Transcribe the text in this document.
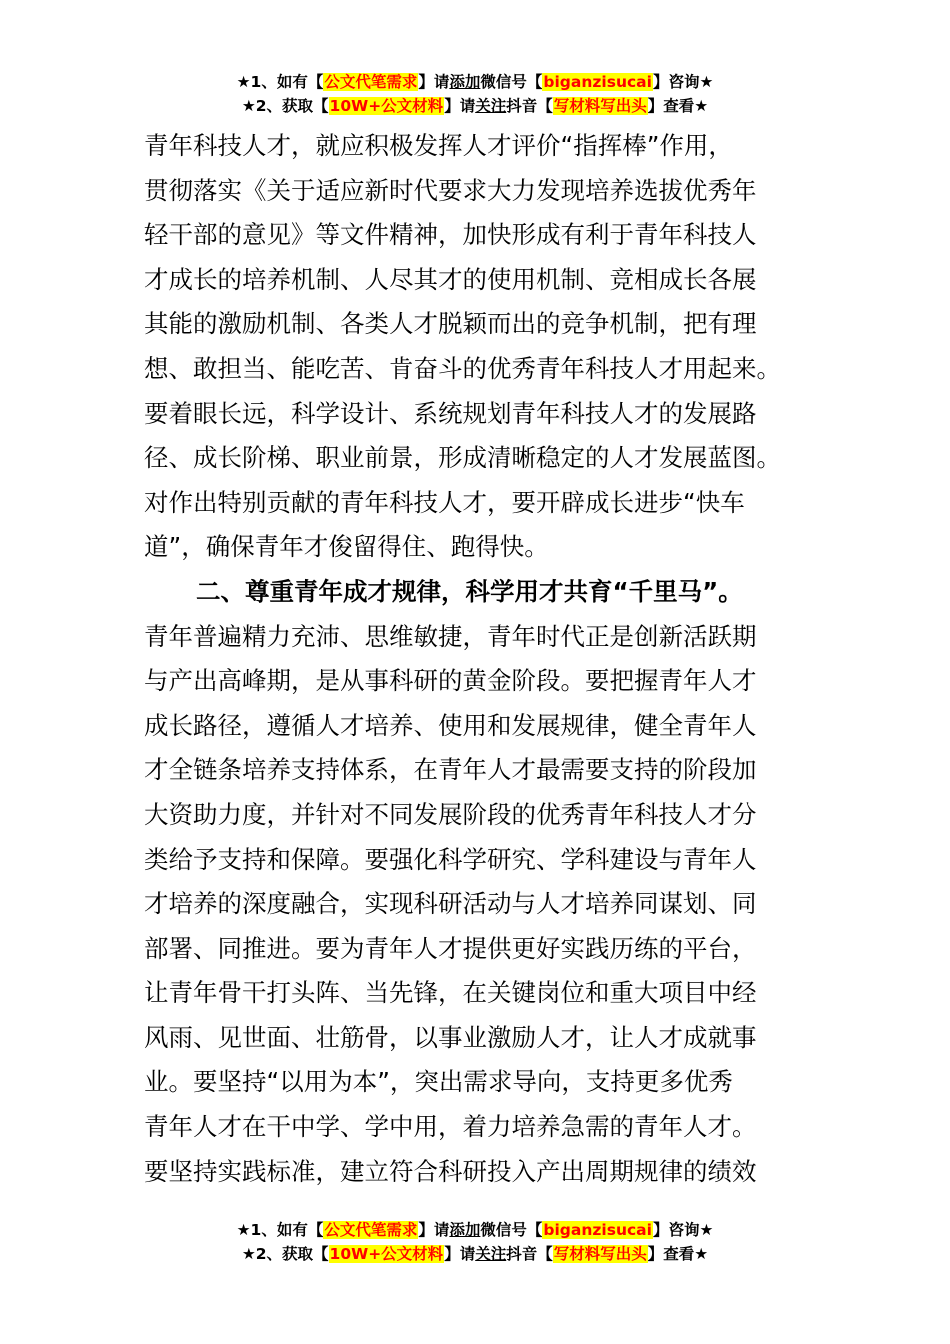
★1、如有【公文代笔需求】请添加微信号【biganzisucai】咨询★
★2、获取【10W+公文材料】请关注抖音【写材料写出头】查看★
青年科技人才，就应积极发挥人才评价“指挥棒”作用，
贯彻落实《关于适应新时代要求大力发现培养选拔优秀年
轻干部的意见》等文件精神，加快形成有利于青年科技人
才成长的培养机制、人尽其才的使用机制、竞相成长各展
其能的激励机制、各类人才脱颖而出的竞争机制，把有理
想、敢担当、能吃苦、肯奋斗的优秀青年科技人才用起来。
要着眼长远，科学设计、系统规划青年科技人才的发展路
径、成长阶梯、职业前景，形成清晰稳定的人才发展蓝图。
对作出特别贡献的青年科技人才，要开辟成长进步“快车
道”，确保青年才俊留得住、跑得快。
二、尊重青年成才规律，科学用才共育“千里马”。
青年普遍精力充沛、思维敏捷，青年时代正是创新活跃期
与产出高峰期，是从事科研的黄金阶段。要把握青年人才
成长路径，遵循人才培养、使用和发展规律，健全青年人
才全链条培养支持体系，在青年人才最需要支持的阶段加
大资助力度，并针对不同发展阶段的优秀青年科技人才分
类给予支持和保障。要强化科学研究、学科建设与青年人
才培养的深度融合，实现科研活动与人才培养同谋划、同
部署、同推进。要为青年人才提供更好实践历练的平台，
让青年骨干打头阵、当先锋，在关键岗位和重大项目中经
风雨、见世面、壮筋骨，以事业激励人才，让人才成就事
业。要坚持“以用为本”，突出需求导向，支持更多优秀
青年人才在干中学、学中用，着力培养急需的青年人才。
要坚持实践标准，建立符合科研投入产出周期规律的绩效
★1、如有【公文代笔需求】请添加微信号【biganzisucai】咨询★
★2、获取【10W+公文材料】请关注抖音【写材料写出头】查看★
